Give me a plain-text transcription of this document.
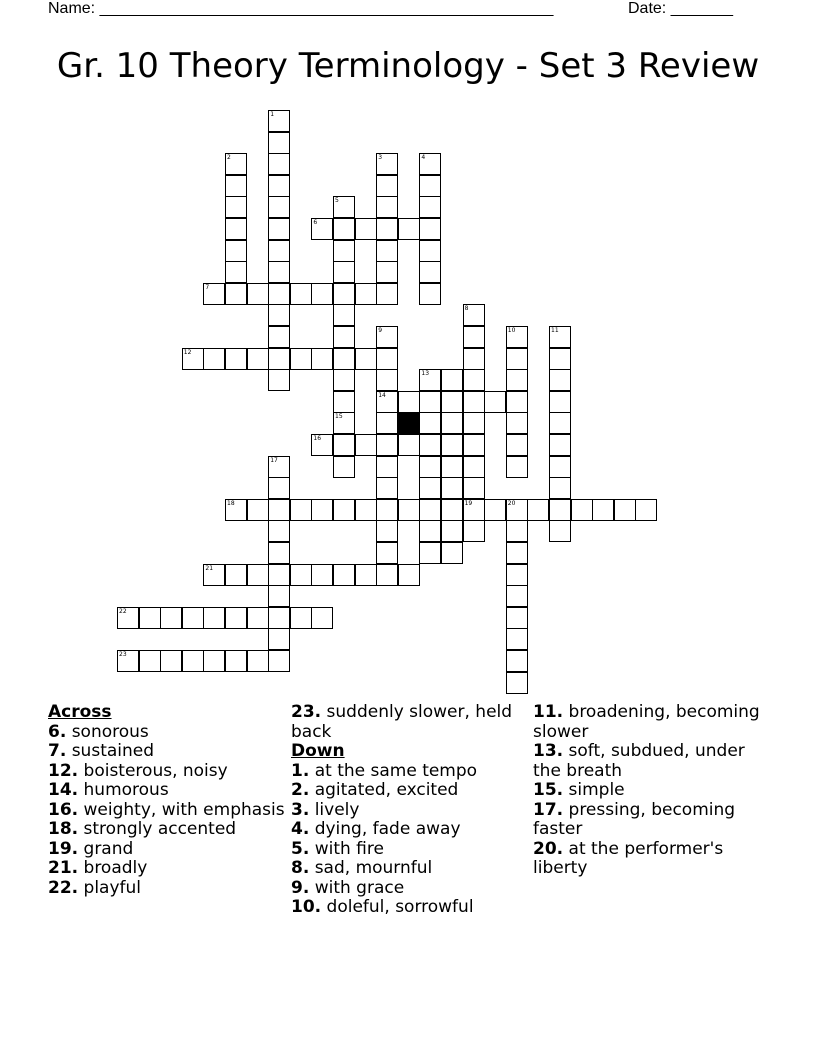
Name: ___________________________________________________	Date: _______
Gr. 10 Theory Terminology - Set 3 Review
1
2	3	4
5
6
7
8
9	10	11
12
13
14
15
16
17
18	19	20
21
22
23
Across
6. sonorous
7. sustained
12. boisterous, noisy
14. humorous
16. weighty, with emphasis
18. strongly accented
19. grand
21. broadly
22. playful
23. suddenly slower, held back
Down
1. at the same tempo
2. agitated, excited
3. lively
4. dying, fade away
5. with fire
8. sad, mournful
9. with grace
10. doleful, sorrowful
11. broadening, becoming slower
13. soft, subdued, under the breath
15. simple
17. pressing, becoming faster
20. at the performer's liberty
